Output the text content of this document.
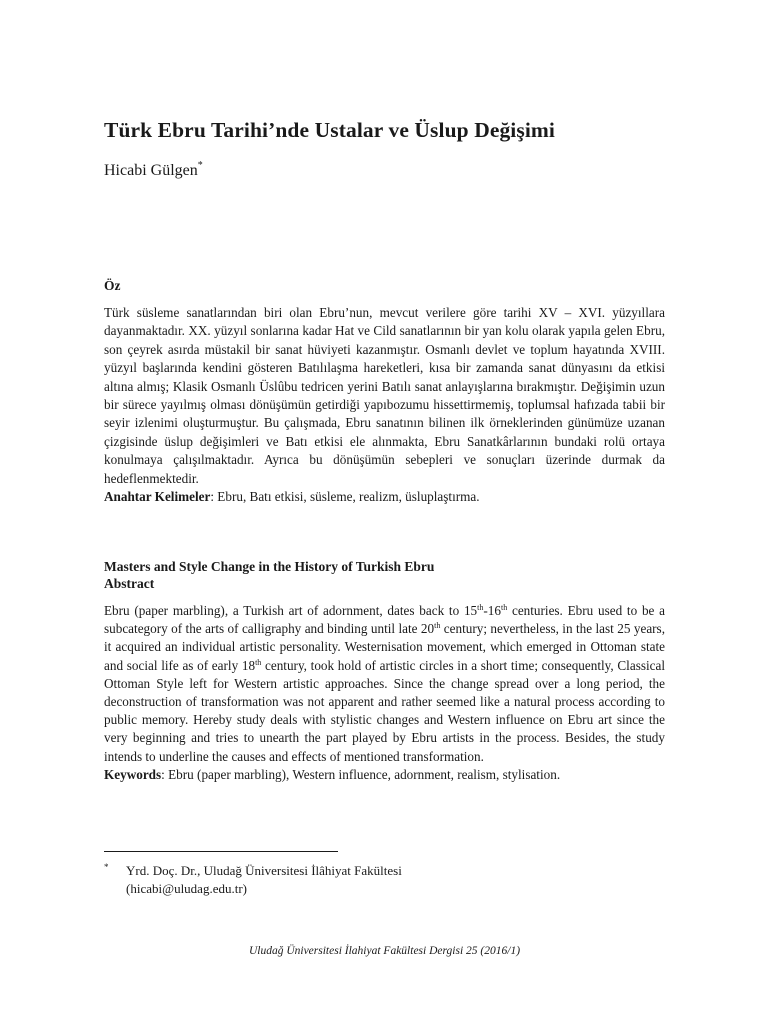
Türk Ebru Tarihi’nde Ustalar ve Üslup Değişimi
Hicabi Gülgen*
Öz

Türk süsleme sanatlarından biri olan Ebru’nun, mevcut verilere göre tarihi XV – XVI. yüzyıllara dayanmaktadır. XX. yüzyıl sonlarına kadar Hat ve Cild sanatlarının bir yan kolu olarak yapıla gelen Ebru, son çeyrek asırda müstakil bir sanat hüviyeti kazanmıştır. Osmanlı devlet ve toplum hayatında XVIII. yüzyıl başlarında kendini gösteren Batılılaşma hareketleri, kısa bir zamanda sanat dünyasını da etkisi altına almış; Klasik Osmanlı Üslûbu tedricen yerini Batılı sanat anlayışlarına bırakmıştır. Değişimin uzun bir sürece yayılmış olması dönüşümün getirdiği yapıbozumu hissettirmemiş, toplumsal hafızada tabii bir seyir izlenimi oluşturmuştur. Bu çalışmada, Ebru sanatının bilinen ilk örneklerinden günümüze uzanan çizgisinde üslup değişimleri ve Batı etkisi ele alınmakta, Ebru Sanatkârlarının bundaki rolü ortaya konulmaya çalışılmaktadır. Ayrıca bu dönüşümün sebepleri ve sonuçları üzerinde durmak da hedeflenmektedir.

Anahtar Kelimeler: Ebru, Batı etkisi, süsleme, realizm, üsluplaştırma.

Masters and Style Change in the History of Turkish Ebru
Abstract

Ebru (paper marbling), a Turkish art of adornment, dates back to 15th-16th centuries. Ebru used to be a subcategory of the arts of calligraphy and binding until late 20th century; nevertheless, in the last 25 years, it acquired an individual artistic personality. Westernisation movement, which emerged in Ottoman state and social life as of early 18th century, took hold of artistic circles in a short time; consequently, Classical Ottoman Style left for Western artistic approaches. Since the change spread over a long period, the deconstruction of transformation was not apparent and rather seemed like a natural process according to public memory. Hereby study deals with stylistic changes and Western influence on Ebru art since the very beginning and tries to unearth the part played by Ebru artists in the process. Besides, the study intends to underline the causes and effects of mentioned transformation.

Keywords: Ebru (paper marbling), Western influence, adornment, realism, stylisation.

* Yrd. Doç. Dr., Uludağ Üniversitesi İlâhiyat Fakültesi
(hicabi@uludag.edu.tr)
Uludağ Üniversitesi İlahiyat Fakültesi Dergisi 25 (2016/1)
